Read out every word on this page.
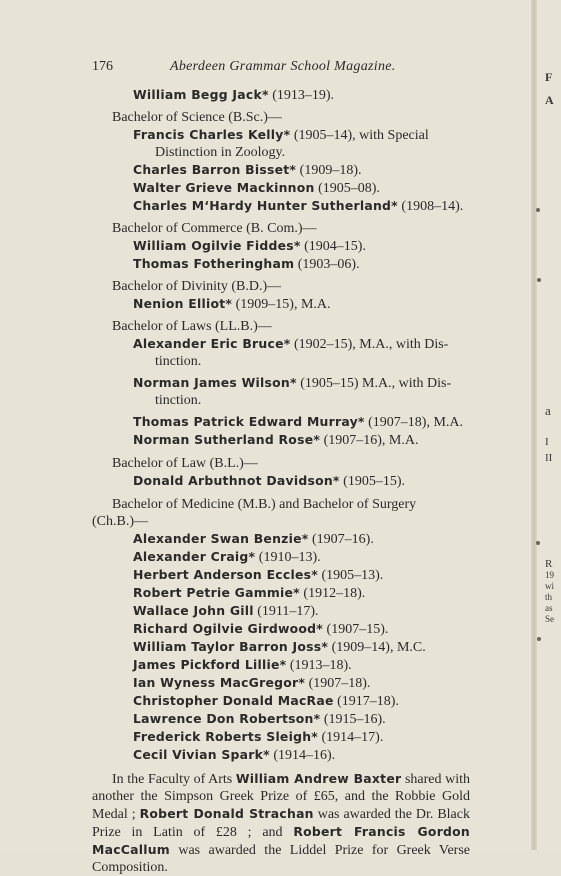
176	Aberdeen Grammar School Magazine.
William Begg Jack* (1913–19).
Bachelor of Science (B.Sc.)—
Francis Charles Kelly* (1905–14), with Special
Distinction in Zoology.
Charles Barron Bisset* (1909–18).
Walter Grieve Mackinnon (1905–08).
Charles M‘Hardy Hunter Sutherland* (1908–14).
Bachelor of Commerce (B. Com.)—
William Ogilvie Fiddes* (1904–15).
Thomas Fotheringham (1903–06).
Bachelor of Divinity (B.D.)—
Nenion Elliot* (1909–15), M.A.
Bachelor of Laws (LL.B.)—
Alexander Eric Bruce* (1902–15), M.A., with Dis-
tinction.
Norman James Wilson* (1905–15) M.A., with Dis-
tinction.
Thomas Patrick Edward Murray* (1907–18), M.A.
Norman Sutherland Rose* (1907–16), M.A.
Bachelor of Law (B.L.)—
Donald Arbuthnot Davidson* (1905–15).
Bachelor of Medicine (M.B.) and Bachelor of Surgery
(Ch.B.)—
Alexander Swan Benzie* (1907–16).
Alexander Craig* (1910–13).
Herbert Anderson Eccles* (1905–13).
Robert Petrie Gammie* (1912–18).
Wallace John Gill (1911–17).
Richard Ogilvie Girdwood* (1907–15).
William Taylor Barron Joss* (1909–14), M.C.
James Pickford Lillie* (1913–18).
Ian Wyness MacGregor* (1907–18).
Christopher Donald MacRae (1917–18).
Lawrence Don Robertson* (1915–16).
Frederick Roberts Sleigh* (1914–17).
Cecil Vivian Spark* (1914–16).
In the Faculty of Arts William Andrew Baxter shared with another the Simpson Greek Prize of £65, and the Robbie Gold Medal ; Robert Donald Strachan was awarded the Dr. Black Prize in Latin of £28 ; and Robert Francis Gordon MacCallum was awarded the Liddel Prize for Greek Verse Composition.
F
A
a
I
II
R
19
wi
th
as
Se
